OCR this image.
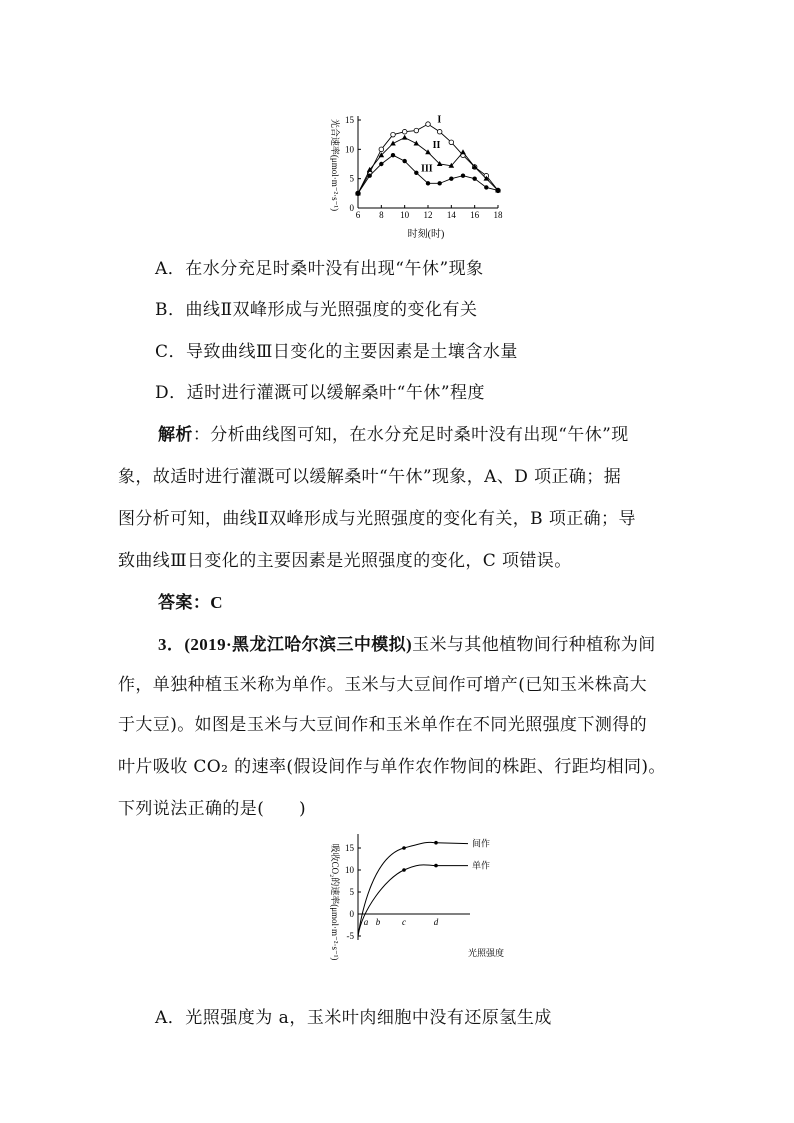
0
5
10
15
6 8 10 12 14 16 18
I
II
III
光合速率(μmol·m⁻²·s⁻¹)
时刻(时)
A．在水分充足时桑叶没有出现“午休”现象
B．曲线Ⅱ双峰形成与光照强度的变化有关
C．导致曲线Ⅲ日变化的主要因素是土壤含水量
D．适时进行灌溉可以缓解桑叶“午休”程度
解析：分析曲线图可知，在水分充足时桑叶没有出现“午休”现
象，故适时进行灌溉可以缓解桑叶“午休”现象，A、D 项正确；据
图分析可知，曲线Ⅱ双峰形成与光照强度的变化有关，B 项正确；导
致曲线Ⅲ日变化的主要因素是光照强度的变化，C 项错误。
答案：C
3．(2019·黑龙江哈尔滨三中模拟)玉米与其他植物间行种植称为间
作，单独种植玉米称为单作。玉米与大豆间作可增产(已知玉米株高大
于大豆)。如图是玉米与大豆间作和玉米单作在不同光照强度下测得的
叶片吸收 CO₂ 的速率(假设间作与单作农作物间的株距、行距均相同)。
下列说法正确的是(　　)
15
10
5
0
-5
a b c	d
间作
单作
吸收CO₂的速率(μmol·m⁻²·s⁻¹)	光照强度
A．光照强度为 a，玉米叶肉细胞中没有还原氢生成
